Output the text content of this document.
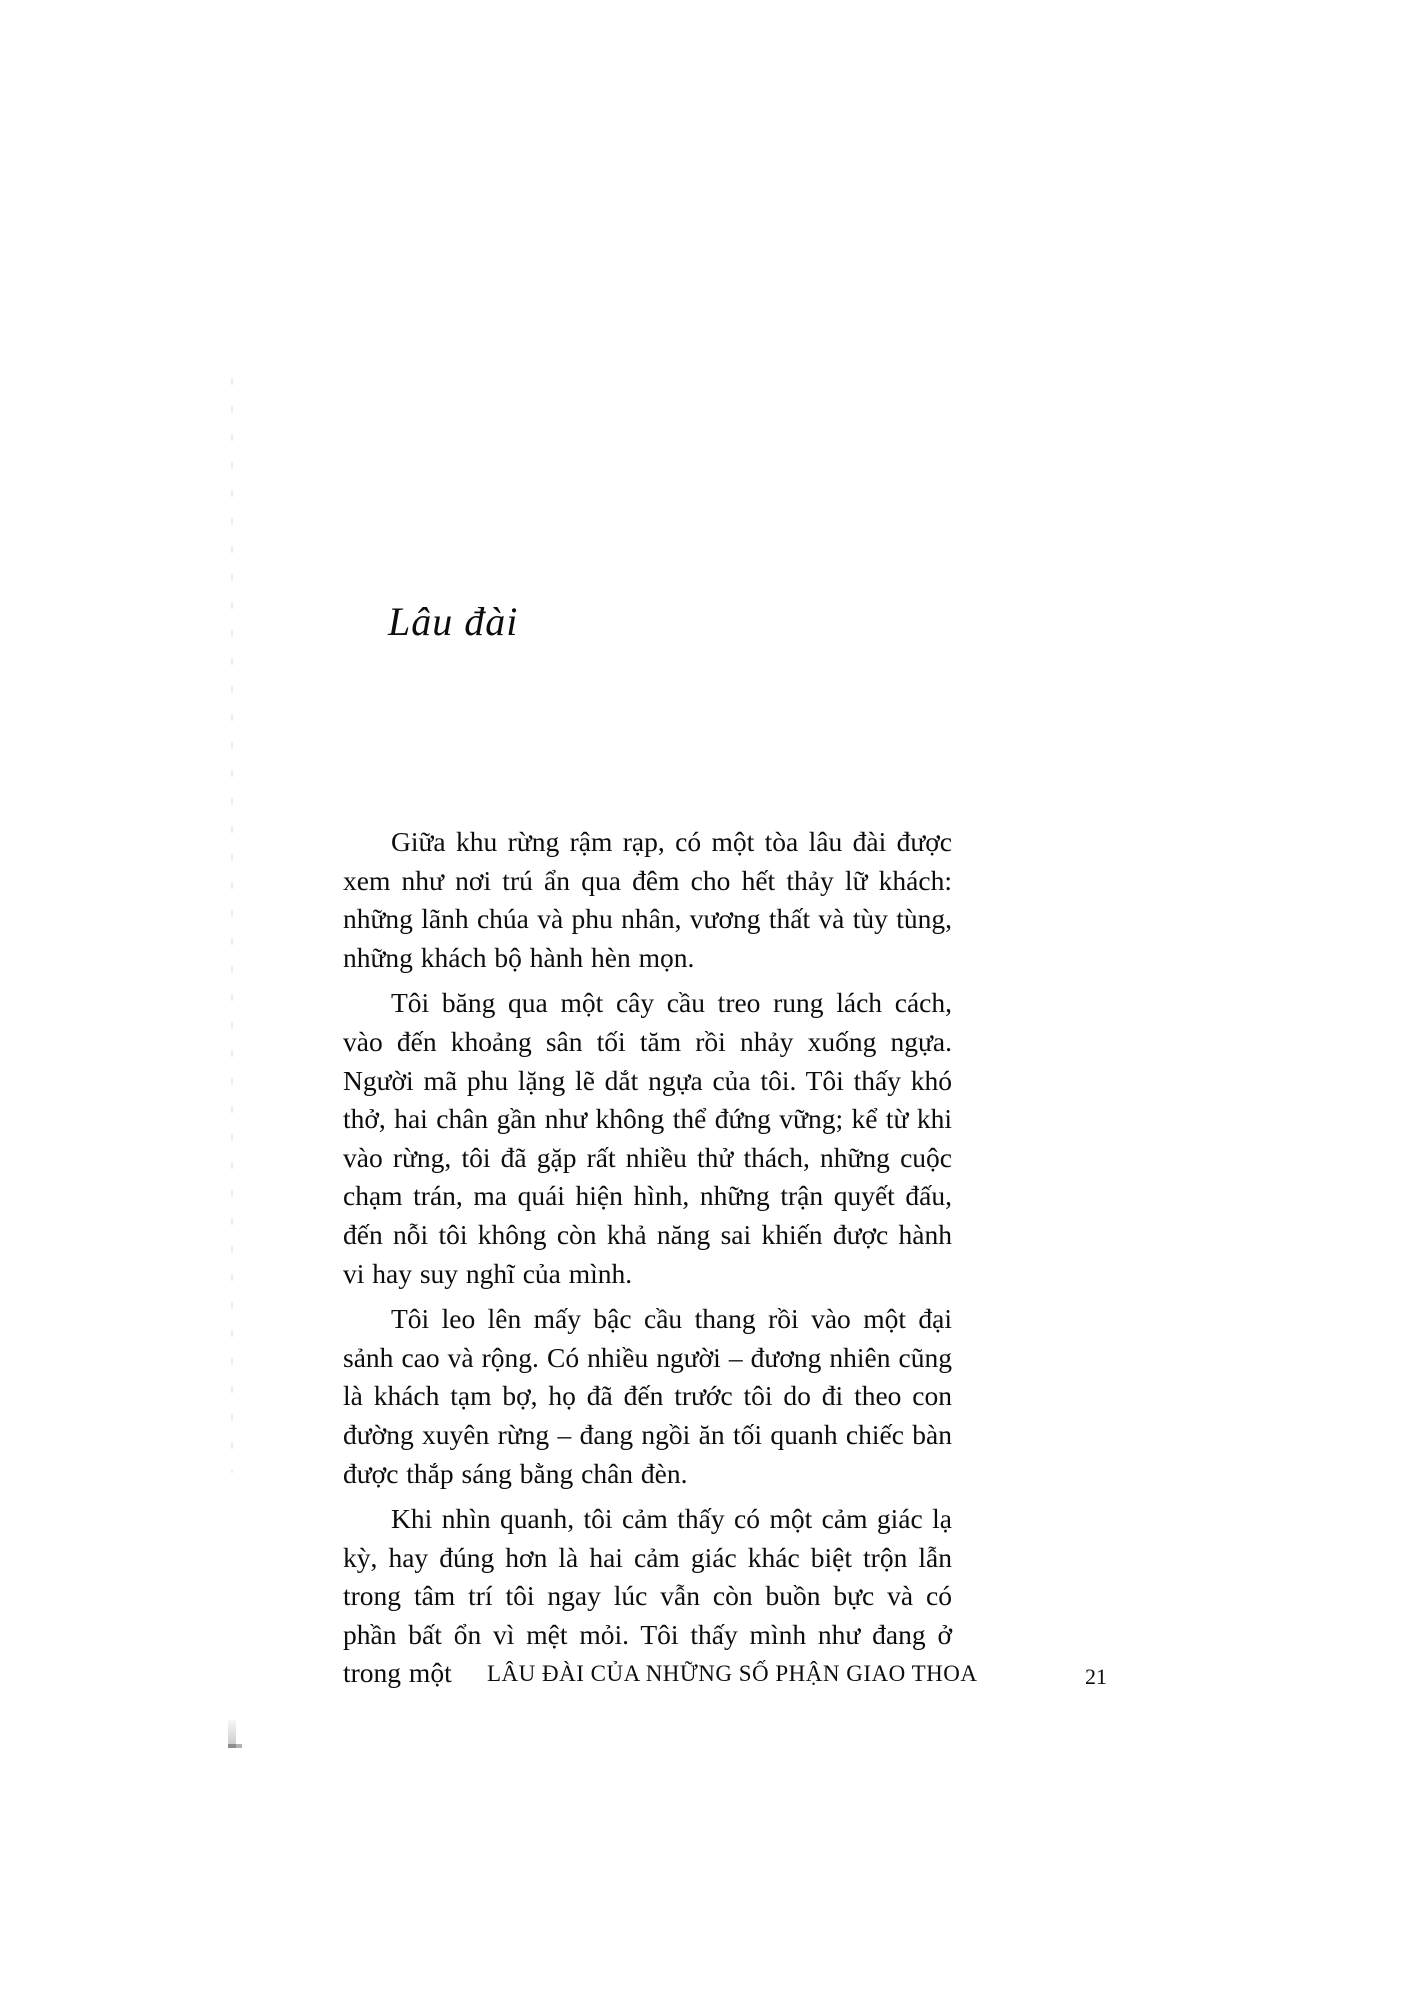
Lâu đài

Giữa khu rừng rậm rạp, có một tòa lâu đài được xem như nơi trú ẩn qua đêm cho hết thảy lữ khách: những lãnh chúa và phu nhân, vương thất và tùy tùng, những khách bộ hành hèn mọn.

Tôi băng qua một cây cầu treo rung lách cách, vào đến khoảng sân tối tăm rồi nhảy xuống ngựa. Người mã phu lặng lẽ dắt ngựa của tôi. Tôi thấy khó thở, hai chân gần như không thể đứng vững; kể từ khi vào rừng, tôi đã gặp rất nhiều thử thách, những cuộc chạm trán, ma quái hiện hình, những trận quyết đấu, đến nỗi tôi không còn khả năng sai khiến được hành vi hay suy nghĩ của mình.

Tôi leo lên mấy bậc cầu thang rồi vào một đại sảnh cao và rộng. Có nhiều người – đương nhiên cũng là khách tạm bợ, họ đã đến trước tôi do đi theo con đường xuyên rừng – đang ngồi ăn tối quanh chiếc bàn được thắp sáng bằng chân đèn.

Khi nhìn quanh, tôi cảm thấy có một cảm giác lạ kỳ, hay đúng hơn là hai cảm giác khác biệt trộn lẫn trong tâm trí tôi ngay lúc vẫn còn buồn bực và có phần bất ổn vì mệt mỏi. Tôi thấy mình như đang ở trong một	LÂU ĐÀI CỦA NHỮNG SỐ PHẬN GIAO THOA	21
